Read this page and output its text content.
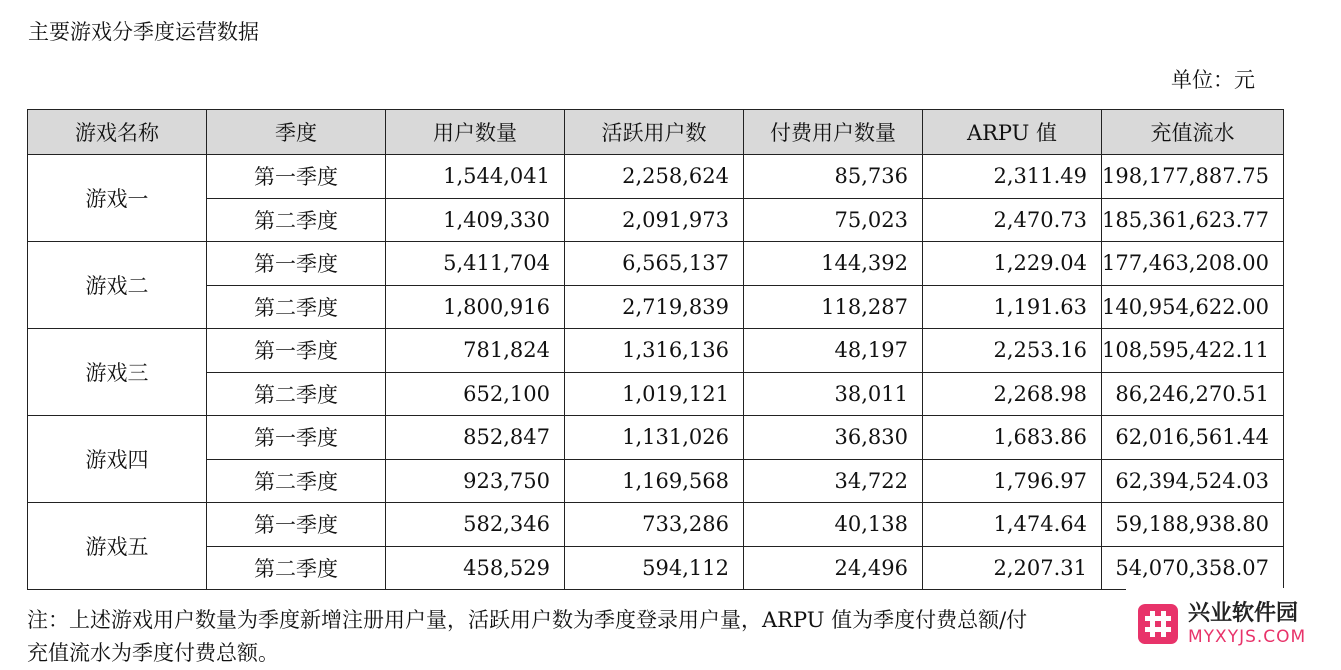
主要游戏分季度运营数据
单位：元
游戏名称	季度	用户数量	活跃用户数	付费用户数量	ARPU 值	充值流水
游戏一	第一季度	1,544,041	2,258,624	85,736	2,311.49	198,177,887.75
	第二季度	1,409,330	2,091,973	75,023	2,470.73	185,361,623.77
游戏二	第一季度	5,411,704	6,565,137	144,392	1,229.04	177,463,208.00
	第二季度	1,800,916	2,719,839	118,287	1,191.63	140,954,622.00
游戏三	第一季度	781,824	1,316,136	48,197	2,253.16	108,595,422.11
	第二季度	652,100	1,019,121	38,011	2,268.98	86,246,270.51
游戏四	第一季度	852,847	1,131,026	36,830	1,683.86	62,016,561.44
	第二季度	923,750	1,169,568	34,722	1,796.97	62,394,524.03
游戏五	第一季度	582,346	733,286	40,138	1,474.64	59,188,938.80
	第二季度	458,529	594,112	24,496	2,207.31	54,070,358.07
注：上述游戏用户数量为季度新增注册用户量，活跃用户数为季度登录用户量，ARPU 值为季度付费总额/付
充值流水为季度付费总额。
兴业软件园
MYXYJS.COM
